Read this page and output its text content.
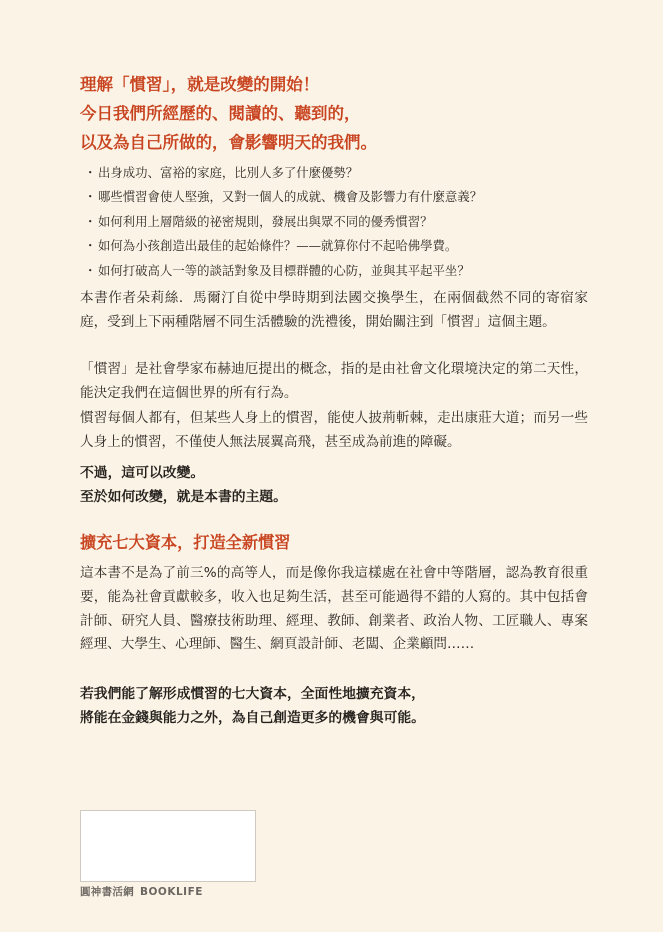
理解「慣習」，就是改變的開始！
今日我們所經歷的、閱讀的、聽到的，
以及為自己所做的，會影響明天的我們。
・ 出身成功、富裕的家庭，比別人多了什麼優勢？
・ 哪些慣習會使人堅強，又對一個人的成就、機會及影響力有什麼意義？
・ 如何利用上層階級的祕密規則，發展出與眾不同的優秀慣習？
・ 如何為小孩創造出最佳的起始條件？——就算你付不起哈佛學費。
・ 如何打破高人一等的談話對象及目標群體的心防，並與其平起平坐？

本書作者朵莉絲．馬爾汀自從中學時期到法國交換學生，在兩個截然不同的寄宿家庭，受到上下兩種階層不同生活體驗的洗禮後，開始關注到「慣習」這個主題。

「慣習」是社會學家布赫迪厄提出的概念，指的是由社會文化環境決定的第二天性，能決定我們在這個世界的所有行為。

慣習每個人都有，但某些人身上的慣習，能使人披荊斬棘，走出康莊大道；而另一些人身上的慣習，不僅使人無法展翼高飛，甚至成為前進的障礙。

不過，這可以改變。
至於如何改變，就是本書的主題。
擴充七大資本，打造全新慣習

這本書不是為了前三%的高等人，而是像你我這樣處在社會中等階層，認為教育很重要，能為社會貢獻較多，收入也足夠生活，甚至可能過得不錯的人寫的。其中包括會計師、研究人員、醫療技術助理、經理、教師、創業者、政治人物、工匠職人、專案經理、大學生、心理師、醫生、網頁設計師、老闆、企業顧問……

若我們能了解形成慣習的七大資本，全面性地擴充資本，
將能在金錢與能力之外，為自己創造更多的機會與可能。
圓神書活網 BOOKLIFE
